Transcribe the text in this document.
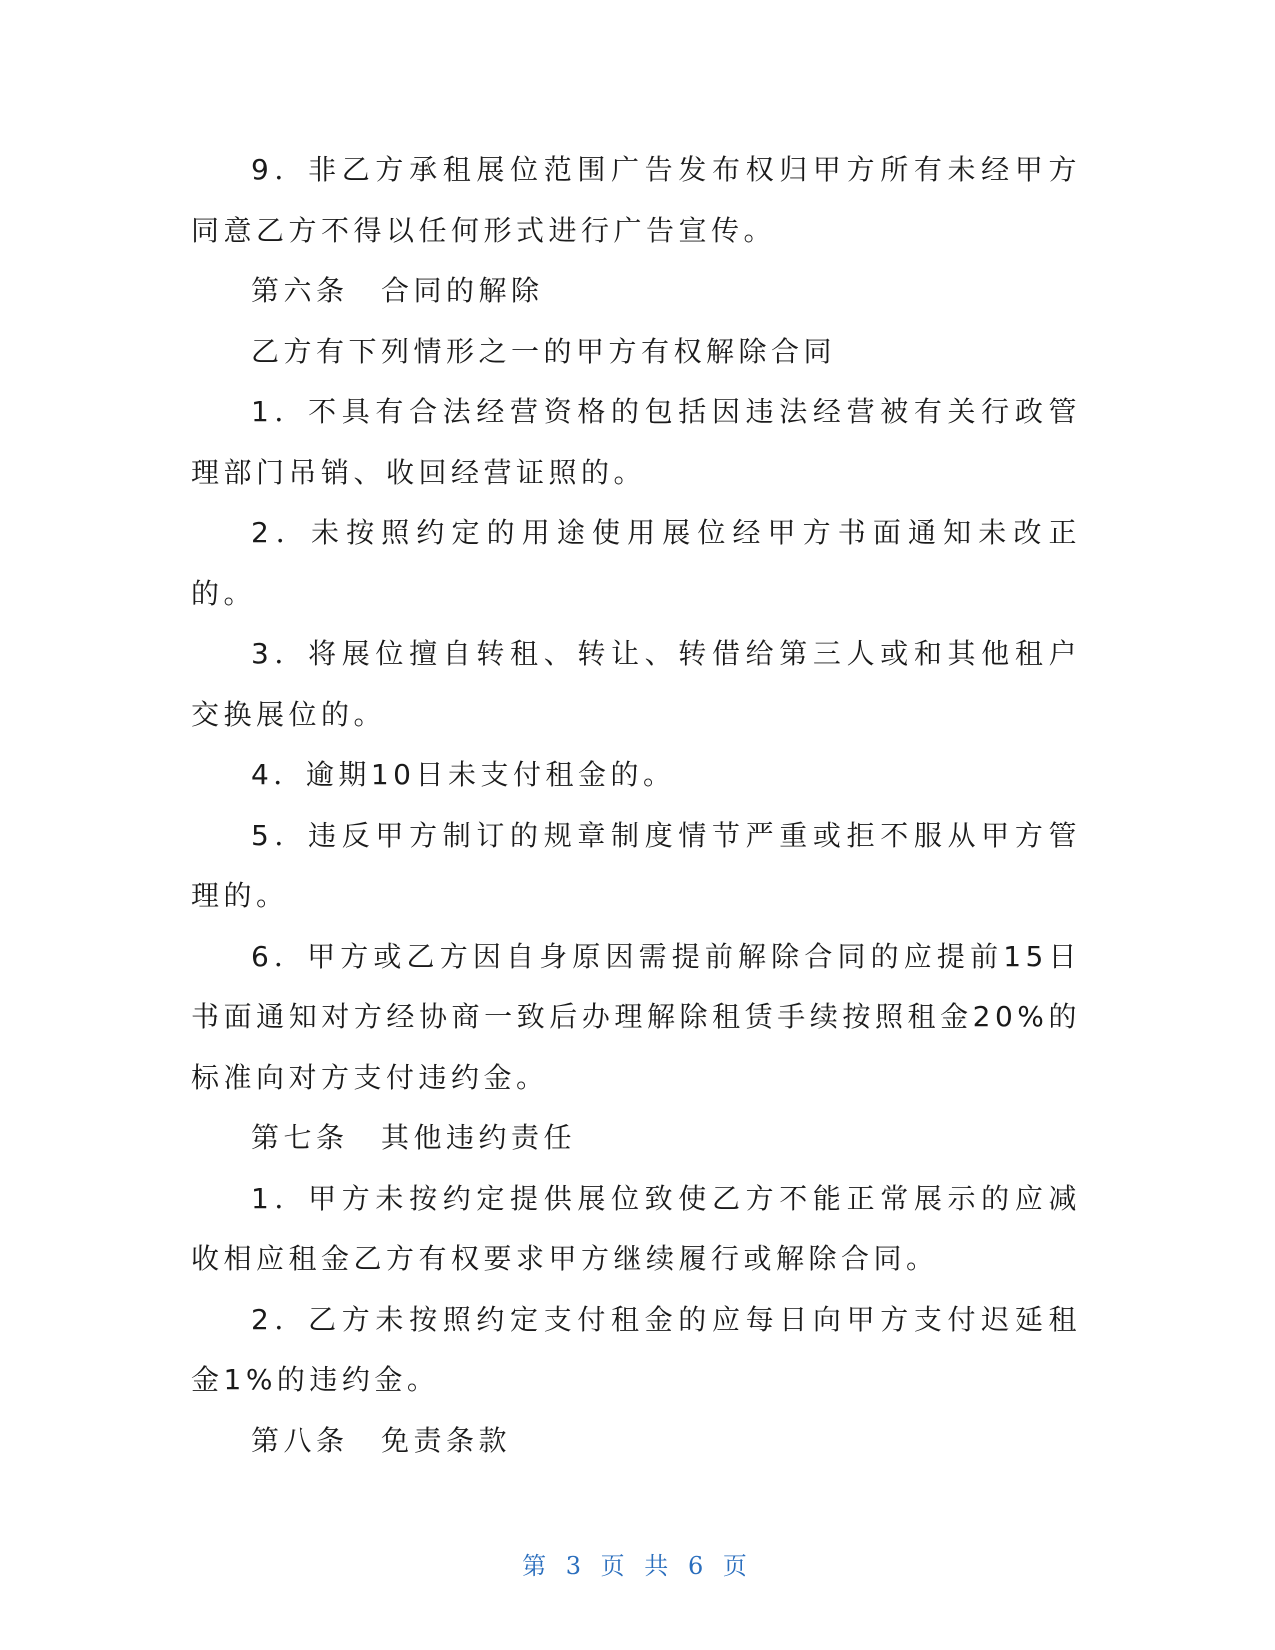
9．非乙方承租展位范围广告发布权归甲方所有未经甲方同意乙方不得以任何形式进行广告宣传。

第六条　合同的解除

乙方有下列情形之一的甲方有权解除合同

1．不具有合法经营资格的包括因违法经营被有关行政管理部门吊销、收回经营证照的。

2．未按照约定的用途使用展位经甲方书面通知未改正的。

3．将展位擅自转租、转让、转借给第三人或和其他租户交换展位的。

4．逾期10日未支付租金的。

5．违反甲方制订的规章制度情节严重或拒不服从甲方管理的。

6．甲方或乙方因自身原因需提前解除合同的应提前15日书面通知对方经协商一致后办理解除租赁手续按照租金20%的标准向对方支付违约金。

第七条　其他违约责任

1．甲方未按约定提供展位致使乙方不能正常展示的应减收相应租金乙方有权要求甲方继续履行或解除合同。

2．乙方未按照约定支付租金的应每日向甲方支付迟延租金1%的违约金。

第八条　免责条款

第 3 页 共 6 页
